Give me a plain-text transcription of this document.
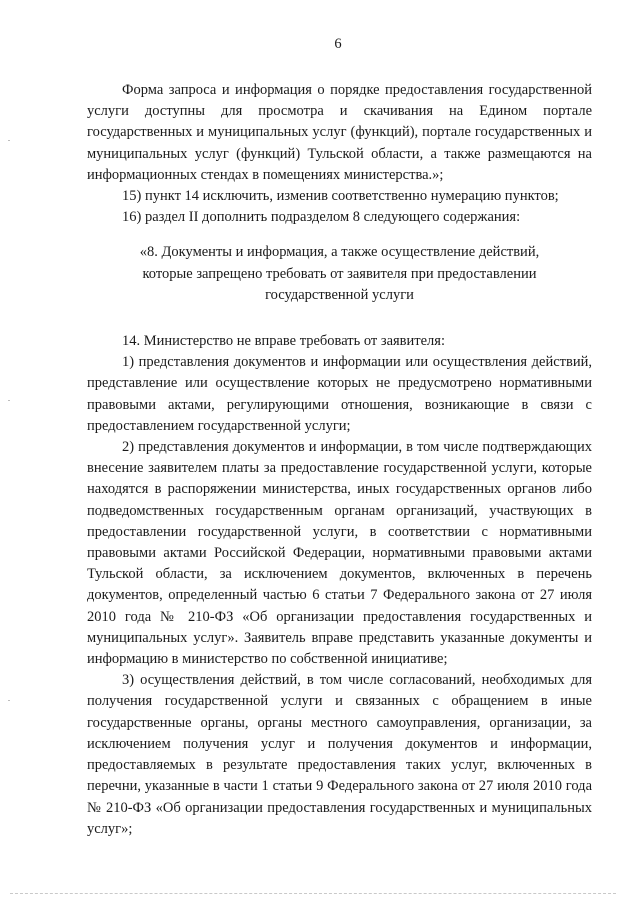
6

Форма запроса и информация о порядке предоставления государственной услуги доступны для просмотра и скачивания на Едином портале государственных и муниципальных услуг (функций), портале государственных и муниципальных услуг (функций) Тульской области, а также размещаются на информационных стендах в помещениях министерства.»;

15) пункт 14 исключить, изменив соответственно нумерацию пунктов;

16) раздел II дополнить подразделом 8 следующего содержания:

«8. Документы и информация, а также осуществление действий,
которые запрещено требовать от заявителя при предоставлении
государственной услуги

14. Министерство не вправе требовать от заявителя:

1) представления документов и информации или осуществления действий, представление или осуществление которых не предусмотрено нормативными правовыми актами, регулирующими отношения, возникающие в связи с предоставлением государственной услуги;

2) представления документов и информации, в том числе подтверждающих внесение заявителем платы за предоставление государственной услуги, которые находятся в распоряжении министерства, иных государственных органов либо подведомственных государственным органам организаций, участвующих в предоставлении государственной услуги, в соответствии с нормативными правовыми актами Российской Федерации, нормативными правовыми актами Тульской области, за исключением документов, включенных в перечень документов, определенный частью 6 статьи 7 Федерального закона от 27 июля 2010 года № 210-ФЗ «Об организации предоставления государственных и муниципальных услуг». Заявитель вправе представить указанные документы и информацию в министерство по собственной инициативе;

3) осуществления действий, в том числе согласований, необходимых для получения государственной услуги и связанных с обращением в иные государственные органы, органы местного самоуправления, организации, за исключением получения услуг и получения документов и информации, предоставляемых в результате предоставления таких услуг, включенных в перечни, указанные в части 1 статьи 9 Федерального закона от 27 июля 2010 года № 210-ФЗ «Об организации предоставления государственных и муниципальных услуг»;
